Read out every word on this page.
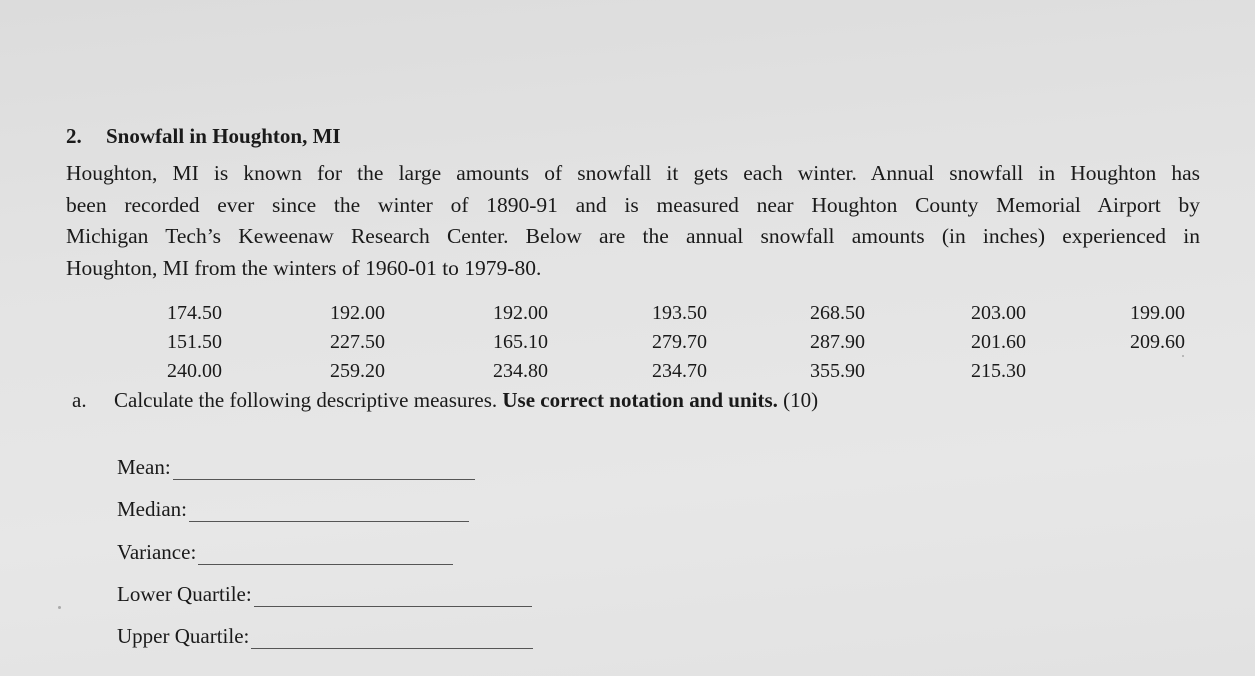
2. Snowfall in Houghton, MI
Houghton, MI is known for the large amounts of snowfall it gets each winter. Annual snowfall in Houghton has
been recorded ever since the winter of 1890-91 and is measured near Houghton County Memorial Airport by
Michigan Tech’s Keweenaw Research Center. Below are the annual snowfall amounts (in inches) experienced in
Houghton, MI from the winters of 1960-01 to 1979-80.
174.50	192.00	192.00	193.50	268.50	203.00	199.00
151.50	227.50	165.10	279.70	287.90	201.60	209.60
240.00	259.20	234.80	234.70	355.90	215.30
a. Calculate the following descriptive measures. Use correct notation and units. (10)
Mean:
Median:
Variance:
Lower Quartile:
Upper Quartile:
